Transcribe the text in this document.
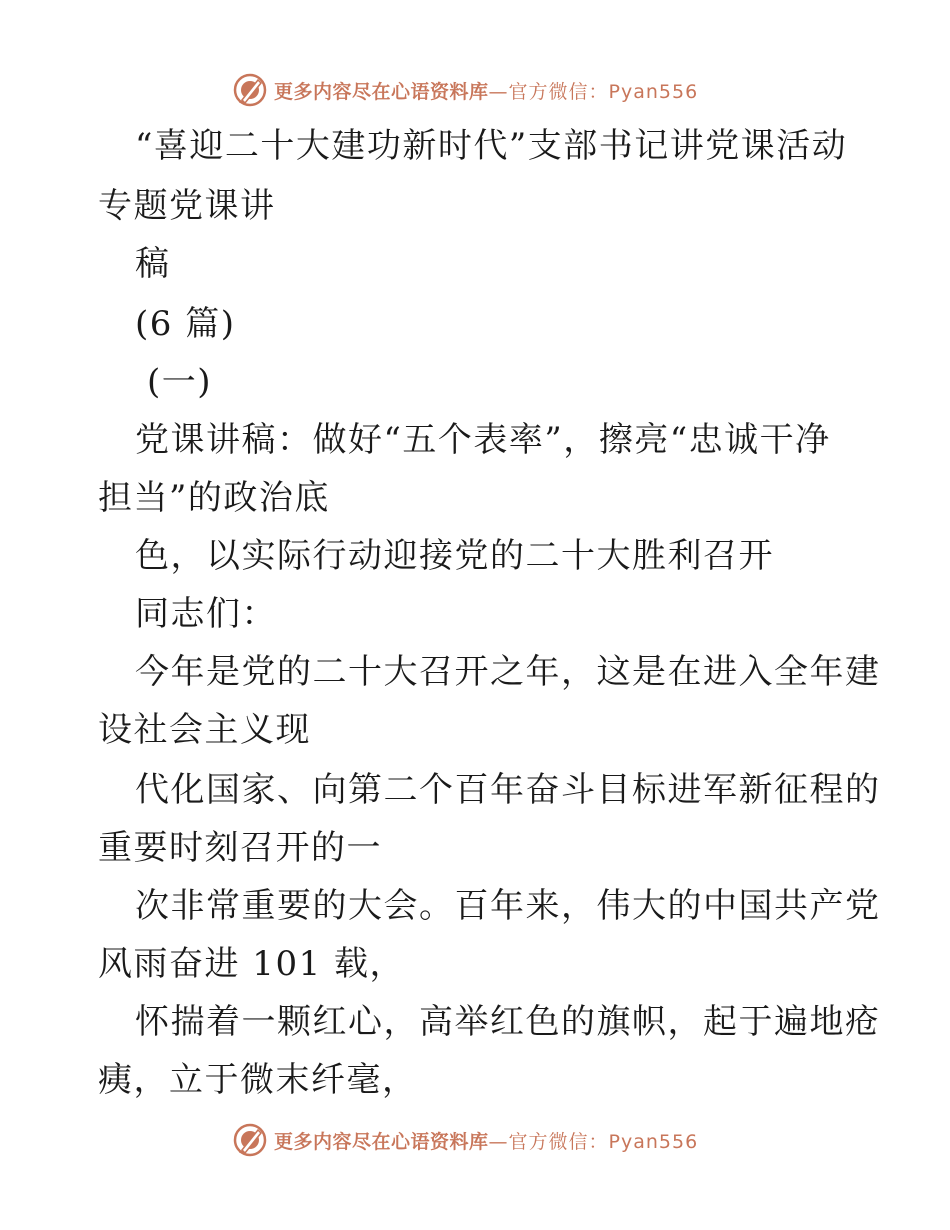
更多内容尽在心语资料库 —官方微信：Pyan556
“喜迎二十大建功新时代”支部书记讲党课活动
专题党课讲
稿
(6 篇)
(一)
党课讲稿：做好“五个表率”，擦亮“忠诚干净
担当”的政治底
色，以实际行动迎接党的二十大胜利召开
同志们：
今年是党的二十大召开之年，这是在进入全年建
设社会主义现
代化国家、向第二个百年奋斗目标进军新征程的
重要时刻召开的一
次非常重要的大会。百年来，伟大的中国共产党
风雨奋进 101 载，
怀揣着一颗红心，高举红色的旗帜，起于遍地疮
痍，立于微末纤毫，
更多内容尽在心语资料库 —官方微信：Pyan556
